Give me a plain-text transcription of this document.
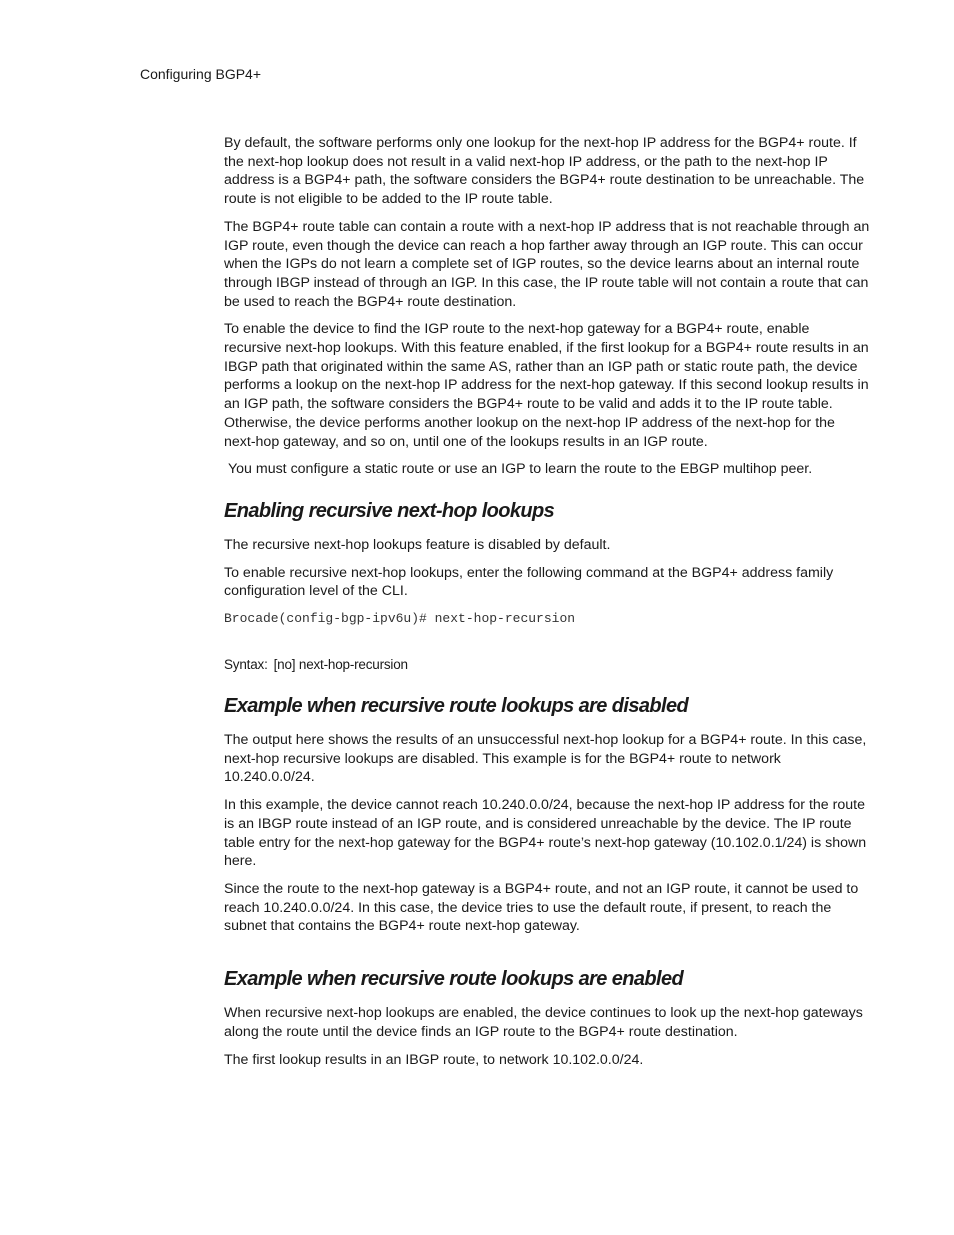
Configuring BGP4+

By default, the software performs only one lookup for the next-hop IP address for the BGP4+ route. If the next-hop lookup does not result in a valid next-hop IP address, or the path to the next-hop IP address is a BGP4+ path, the software considers the BGP4+ route destination to be unreachable. The route is not eligible to be added to the IP route table.

The BGP4+ route table can contain a route with a next-hop IP address that is not reachable through an IGP route, even though the device can reach a hop farther away through an IGP route. This can occur when the IGPs do not learn a complete set of IGP routes, so the device learns about an internal route through IBGP instead of through an IGP. In this case, the IP route table will not contain a route that can be used to reach the BGP4+ route destination.

To enable the device to find the IGP route to the next-hop gateway for a BGP4+ route, enable recursive next-hop lookups. With this feature enabled, if the first lookup for a BGP4+ route results in an IBGP path that originated within the same AS, rather than an IGP path or static route path, the device performs a lookup on the next-hop IP address for the next-hop gateway. If this second lookup results in an IGP path, the software considers the BGP4+ route to be valid and adds it to the IP route table. Otherwise, the device performs another lookup on the next-hop IP address of the next-hop for the next-hop gateway, and so on, until one of the lookups results in an IGP route.

You must configure a static route or use an IGP to learn the route to the EBGP multihop peer.

Enabling recursive next-hop lookups

The recursive next-hop lookups feature is disabled by default.

To enable recursive next-hop lookups, enter the following command at the BGP4+ address family configuration level of the CLI.

Brocade(config-bgp-ipv6u)# next-hop-recursion
Syntax: [no] next-hop-recursion
Example when recursive route lookups are disabled

The output here shows the results of an unsuccessful next-hop lookup for a BGP4+ route. In this case, next-hop recursive lookups are disabled. This example is for the BGP4+ route to network 10.240.0.0/24.

In this example, the device cannot reach 10.240.0.0/24, because the next-hop IP address for the route is an IBGP route instead of an IGP route, and is considered unreachable by the device. The IP route table entry for the next-hop gateway for the BGP4+ route’s next-hop gateway (10.102.0.1/24) is shown here.

Since the route to the next-hop gateway is a BGP4+ route, and not an IGP route, it cannot be used to reach 10.240.0.0/24. In this case, the device tries to use the default route, if present, to reach the subnet that contains the BGP4+ route next-hop gateway.

Example when recursive route lookups are enabled

When recursive next-hop lookups are enabled, the device continues to look up the next-hop gateways along the route until the device finds an IGP route to the BGP4+ route destination.

The first lookup results in an IBGP route, to network 10.102.0.0/24.
